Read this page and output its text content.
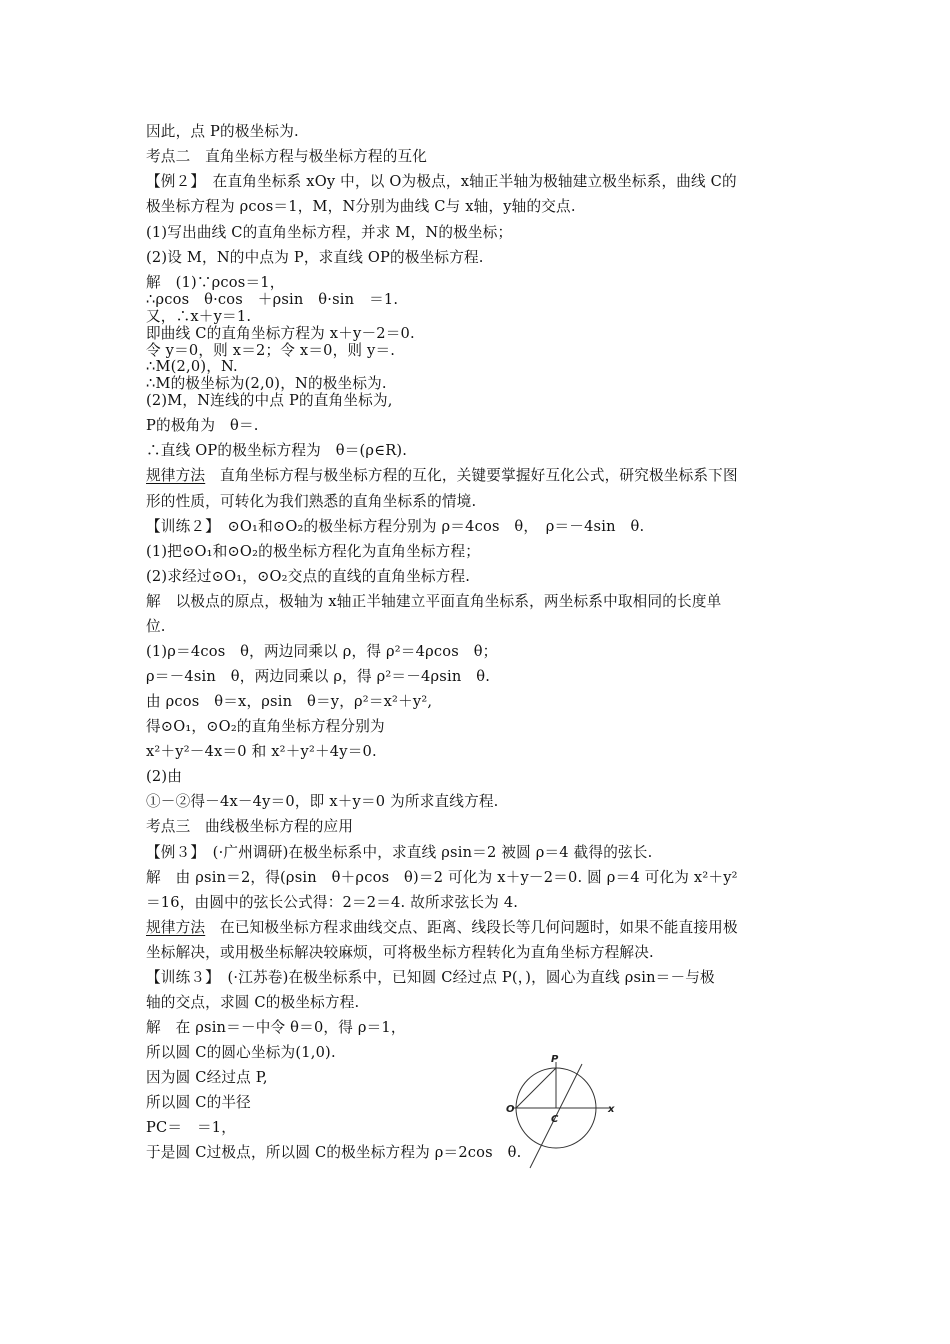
因此，点 P的极坐标为.
考点二　直角坐标方程与极坐标方程的互化
【例２】　在直角坐标系 xOy 中，以 O为极点，x轴正半轴为极轴建立极坐标系，曲线 C的
极坐标方程为 ρcos＝1，M，N分别为曲线 C与 x轴，y轴的交点.
(1)写出曲线 C的直角坐标方程，并求 M，N的极坐标；
(2)设 M，N的中点为 P，求直线 OP的极坐标方程.
解　(1)∵ρcos＝1，
∴ρcos　θ·cos　＋ρsin　θ·sin　＝1.
又，∴x＋y＝1.
即曲线 C的直角坐标方程为 x＋y－2＝0.
令 y＝0，则 x＝2；令 x＝0，则 y＝.
∴M(2,0)，N.
∴M的极坐标为(2,0)，N的极坐标为.
(2)M，N连线的中点 P的直角坐标为,
P的极角为　θ＝.
∴直线 OP的极坐标方程为　θ＝(ρ∈R).
规律方法　直角坐标方程与极坐标方程的互化，关键要掌握好互化公式，研究极坐标系下图
形的性质，可转化为我们熟悉的直角坐标系的情境.
【训练２】　⊙O₁和⊙O₂的极坐标方程分别为 ρ＝4cos　θ，　ρ＝－4sin　θ.
(1)把⊙O₁和⊙O₂的极坐标方程化为直角坐标方程；
(2)求经过⊙O₁，⊙O₂交点的直线的直角坐标方程.
解　以极点的原点，极轴为 x轴正半轴建立平面直角坐标系，两坐标系中取相同的长度单
位.
(1)ρ＝4cos　θ，两边同乘以 ρ，得 ρ²＝4ρcos　θ；
ρ＝－4sin　θ，两边同乘以 ρ，得 ρ²＝－4ρsin　θ.
由 ρcos　θ＝x，ρsin　θ＝y，ρ²＝x²＋y²,
得⊙O₁，⊙O₂的直角坐标方程分别为
x²＋y²－4x＝0 和 x²＋y²＋4y＝0.
(2)由
①－②得－4x－4y＝0，即 x＋y＝0 为所求直线方程.
考点三　曲线极坐标方程的应用
【例３】　(·广州调研)在极坐标系中，求直线 ρsin＝2 被圆 ρ＝4 截得的弦长.
解　由 ρsin＝2，得(ρsin　θ＋ρcos　θ)＝2 可化为 x＋y－2＝0. 圆 ρ＝4 可化为 x²＋y²
＝16，由圆中的弦长公式得：2＝2＝4. 故所求弦长为 4.
规律方法　在已知极坐标方程求曲线交点、距离、线段长等几何问题时，如果不能直接用极
坐标解决，或用极坐标解决较麻烦，可将极坐标方程转化为直角坐标方程解决.
【训练３】　(·江苏卷)在极坐标系中，已知圆 C经过点 P(，)，圆心为直线 ρsin＝－与极
轴的交点，求圆 C的极坐标方程.
解　在 ρsin＝－中令 θ＝0，得 ρ＝1，
所以圆 C的圆心坐标为(1,0).
因为圆 C经过点 P,
所以圆 C的半径
PC＝　＝1，
于是圆 C过极点，所以圆 C的极坐标方程为 ρ＝2cos　θ.
P
O
C
x
